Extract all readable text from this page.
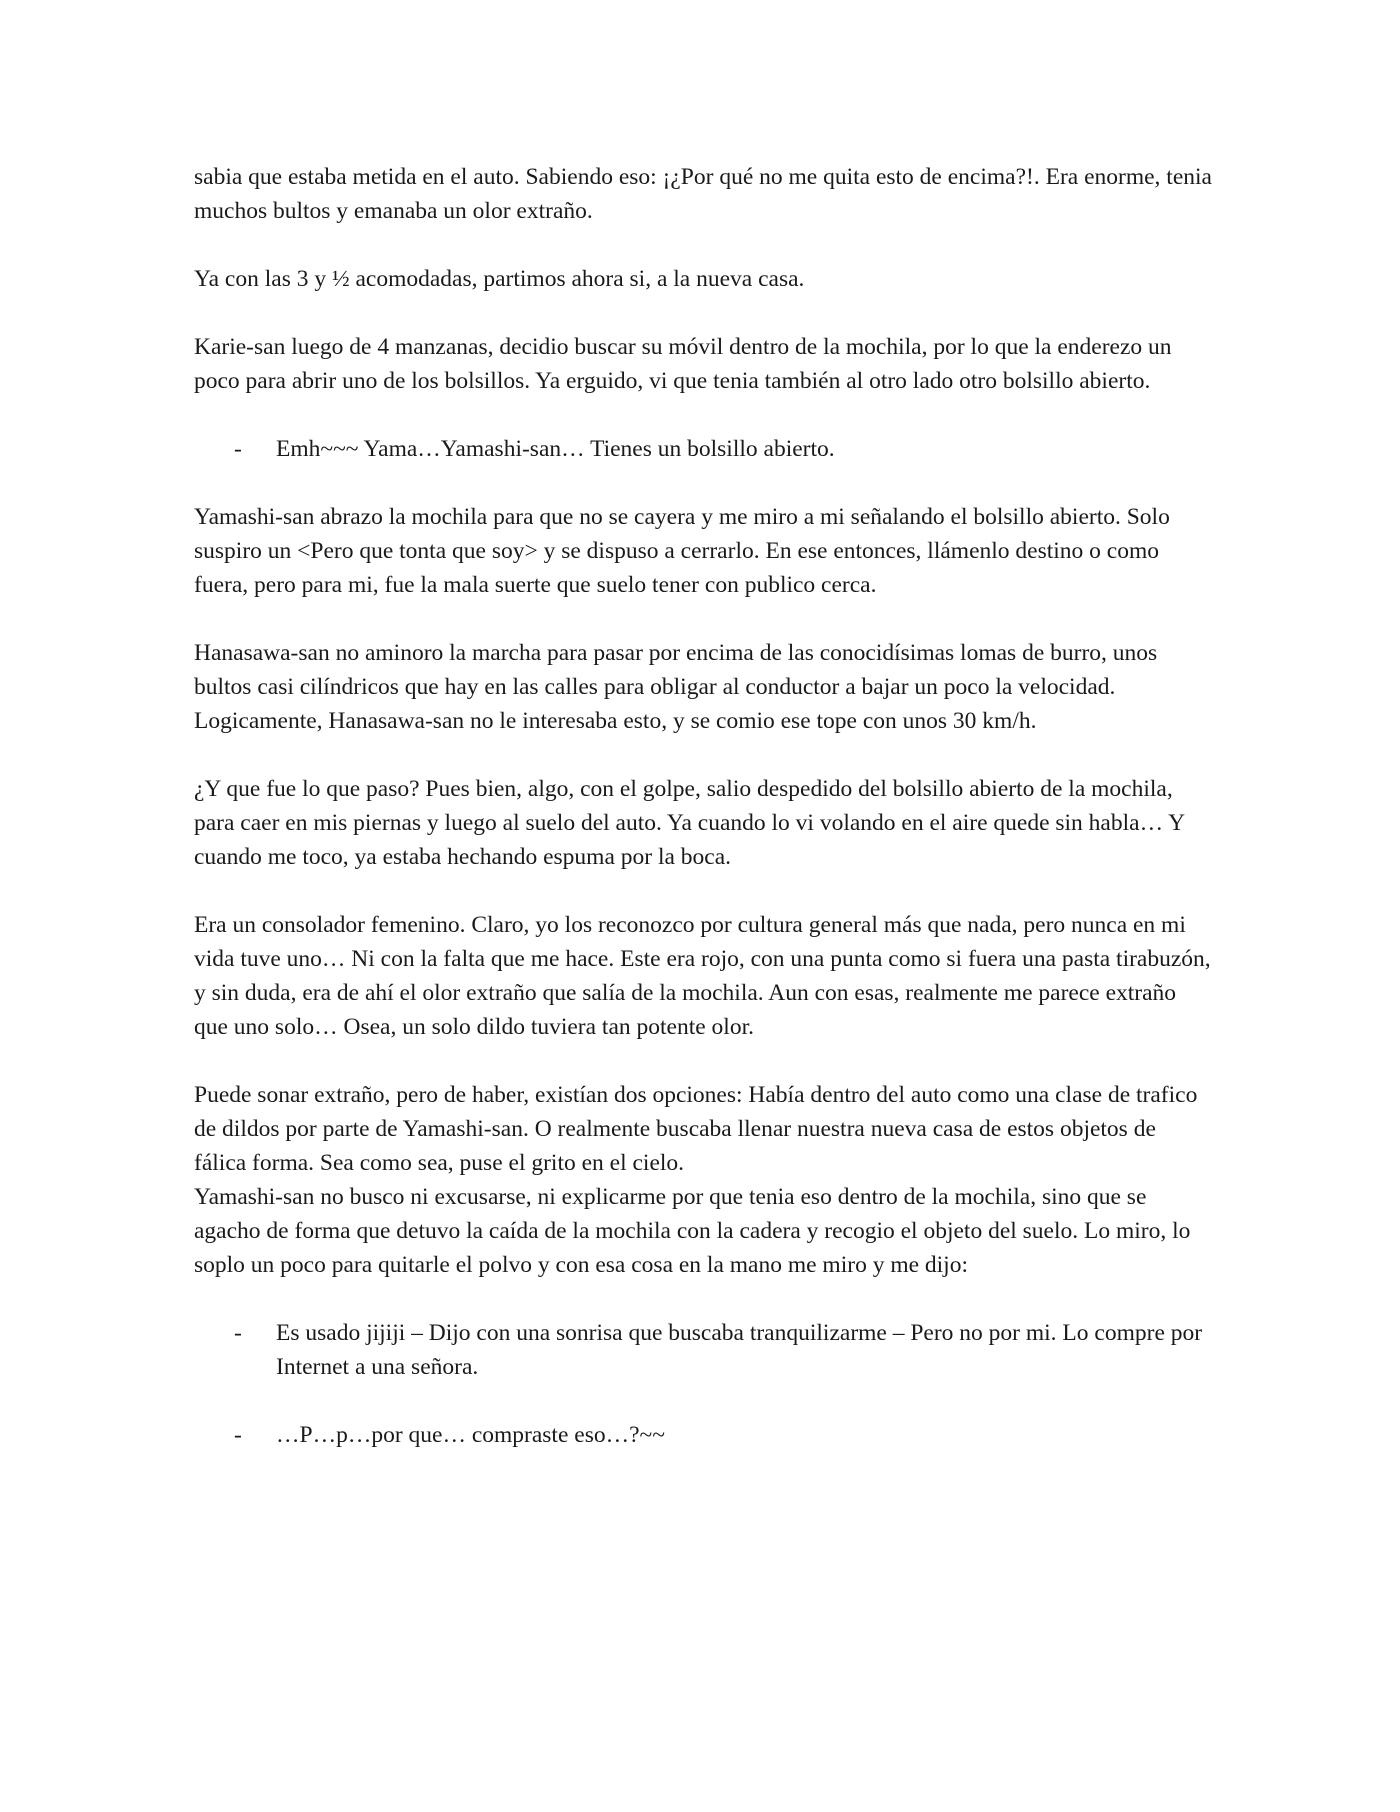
sabia que estaba metida en el auto. Sabiendo eso: ¡¿Por qué no me quita esto de encima?!. Era enorme, tenia muchos bultos y emanaba un olor extraño.

Ya con las 3 y ½ acomodadas, partimos ahora si, a la nueva casa.

Karie-san luego de 4 manzanas, decidio buscar su móvil dentro de la mochila, por lo que la enderezo un poco para abrir uno de los bolsillos. Ya erguido, vi que tenia también al otro lado otro bolsillo abierto.

- Emh~~~ Yama…Yamashi-san… Tienes un bolsillo abierto.

Yamashi-san abrazo la mochila para que no se cayera y me miro a mi señalando el bolsillo abierto. Solo suspiro un <Pero que tonta que soy> y se dispuso a cerrarlo. En ese entonces, llámenlo destino o como fuera, pero para mi, fue la mala suerte que suelo tener con publico cerca.

Hanasawa-san no aminoro la marcha para pasar por encima de las conocidísimas lomas de burro, unos bultos casi cilíndricos que hay en las calles para obligar al conductor a bajar un poco la velocidad. Logicamente, Hanasawa-san no le interesaba esto, y se comio ese tope con unos 30 km/h.

¿Y que fue lo que paso? Pues bien, algo, con el golpe, salio despedido del bolsillo abierto de la mochila, para caer en mis piernas y luego al suelo del auto. Ya cuando lo vi volando en el aire quede sin habla… Y cuando me toco, ya estaba hechando espuma por la boca.

Era un consolador femenino. Claro, yo los reconozco por cultura general más que nada, pero nunca en mi vida tuve uno… Ni con la falta que me hace. Este era rojo, con una punta como si fuera una pasta tirabuzón, y sin duda, era de ahí el olor extraño que salía de la mochila. Aun con esas, realmente me parece extraño que uno solo… Osea, un solo dildo tuviera tan potente olor.

Puede sonar extraño, pero de haber, existían dos opciones: Había dentro del auto como una clase de trafico de dildos por parte de Yamashi-san. O realmente buscaba llenar nuestra nueva casa de estos objetos de fálica forma. Sea como sea, puse el grito en el cielo.

Yamashi-san no busco ni excusarse, ni explicarme por que tenia eso dentro de la mochila, sino que se agacho de forma que detuvo la caída de la mochila con la cadera y recogio el objeto del suelo. Lo miro, lo soplo un poco para quitarle el polvo y con esa cosa en la mano me miro y me dijo:

- Es usado jijiji – Dijo con una sonrisa que buscaba tranquilizarme – Pero no por mi. Lo compre por Internet a una señora.
- …P…p…por que… compraste eso…?~~
